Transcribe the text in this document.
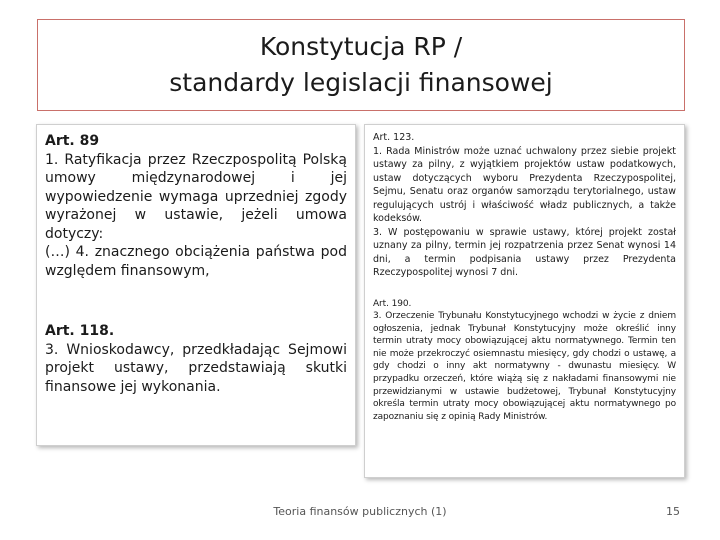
Konstytucja RP /
standardy legislacji finansowej
Art. 89
1. Ratyfikacja przez Rzeczpospolitą Polską umowy międzynarodowej i jej wypowiedzenie wymaga uprzedniej zgody wyrażonej w ustawie, jeżeli umowa dotyczy:
(…) 4. znacznego obciążenia państwa pod względem finansowym,
Art. 118.
3. Wnioskodawcy, przedkładając Sejmowi projekt ustawy, przedstawiają skutki finansowe jej wykonania.
Art. 123.
1. Rada Ministrów może uznać uchwalony przez siebie projekt ustawy za pilny, z wyjątkiem projektów ustaw podatkowych, ustaw dotyczących wyboru Prezydenta Rzeczypospolitej, Sejmu, Senatu oraz organów samorządu terytorialnego, ustaw regulujących ustrój i właściwość władz publicznych, a także kodeksów.
3. W postępowaniu w sprawie ustawy, której projekt został uznany za pilny, termin jej rozpatrzenia przez Senat wynosi 14 dni, a termin podpisania ustawy przez Prezydenta Rzeczypospolitej wynosi 7 dni.
Art. 190.
3. Orzeczenie Trybunału Konstytucyjnego wchodzi w życie z dniem ogłoszenia, jednak Trybunał Konstytucyjny może określić inny termin utraty mocy obowiązującej aktu normatywnego. Termin ten nie może przekroczyć osiemnastu miesięcy, gdy chodzi o ustawę, a gdy chodzi o inny akt normatywny - dwunastu miesięcy. W przypadku orzeczeń, które wiążą się z nakładami finansowymi nie przewidzianymi w ustawie budżetowej, Trybunał Konstytucyjny określa termin utraty mocy obowiązującej aktu normatywnego po zapoznaniu się z opinią Rady Ministrów.
Teoria finansów publicznych (1)	15
